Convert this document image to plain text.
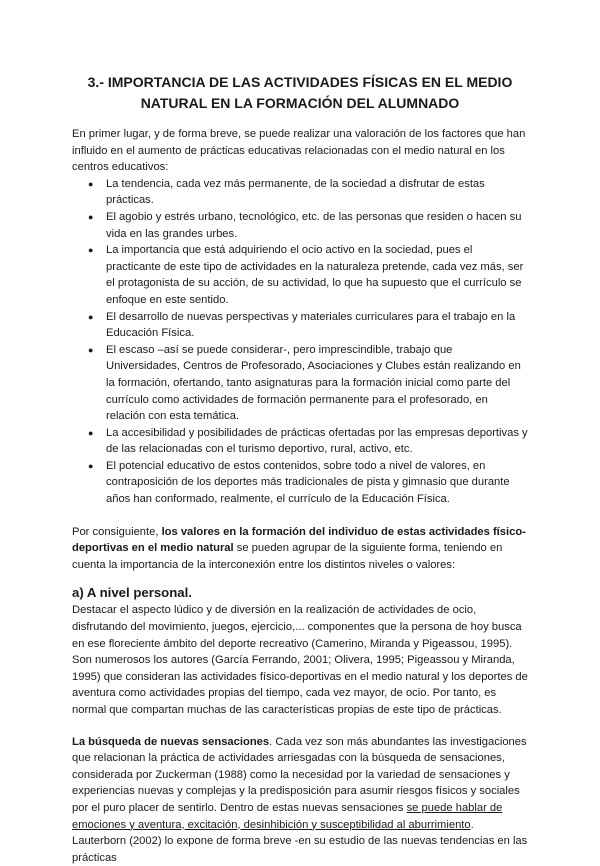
3.- IMPORTANCIA DE LAS ACTIVIDADES FÍSICAS EN EL MEDIO NATURAL EN LA FORMACIÓN DEL ALUMNADO

En primer lugar, y de forma breve, se puede realizar una valoración de los factores que han influido en el aumento de prácticas educativas relacionadas con el medio natural en los centros educativos:

● La tendencia, cada vez más permanente, de la sociedad a disfrutar de estas prácticas.
● El agobio y estrés urbano, tecnológico, etc. de las personas que residen o hacen su vida en las grandes urbes.
● La importancia que está adquiriendo el ocio activo en la sociedad, pues el practicante de este tipo de actividades en la naturaleza pretende, cada vez más, ser el protagonista de su acción, de su actividad, lo que ha supuesto que el currículo se enfoque en este sentido.
● El desarrollo de nuevas perspectivas y materiales curriculares para el trabajo en la Educación Física.
● El escaso –así se puede considerar-, pero imprescindible, trabajo que Universidades, Centros de Profesorado, Asociaciones y Clubes están realizando en la formación, ofertando, tanto asignaturas para la formación inicial como parte del currículo como actividades de formación permanente para el profesorado, en relación con esta temática.
● La accesibilidad y posibilidades de prácticas ofertadas por las empresas deportivas y de las relacionadas con el turismo deportivo, rural, activo, etc.
● El potencial educativo de estos contenidos, sobre todo a nivel de valores, en contraposición de los deportes más tradicionales de pista y gimnasio que durante años han conformado, realmente, el currículo de la Educación Física.

Por consiguiente, los valores en la formación del individuo de estas actividades físico-deportivas en el medio natural se pueden agrupar de la siguiente forma, teniendo en cuenta la importancia de la interconexión entre los distintos niveles o valores:

a) A nivel personal.

Destacar el aspecto lúdico y de diversión en la realización de actividades de ocio, disfrutando del movimiento, juegos, ejercicio,... componentes que la persona de hoy busca en ese floreciente ámbito del deporte recreativo (Camerino, Miranda y Pigeassou, 1995). Son numerosos los autores (García Ferrando, 2001; Olivera, 1995; Pigeassou y Miranda, 1995) que consideran las actividades físico-deportivas en el medio natural y los deportes de aventura como actividades propias del tiempo, cada vez mayor, de ocio. Por tanto, es normal que compartan muchas de las características propias de este tipo de prácticas.

La búsqueda de nuevas sensaciones. Cada vez son más abundantes las investigaciones que relacionan la práctica de actividades arriesgadas con la búsqueda de sensaciones, considerada por Zuckerman (1988) como la necesidad por la variedad de sensaciones y experiencias nuevas y complejas y la predisposición para asumir riesgos físicos y sociales por el puro placer de sentirlo. Dentro de estas nuevas sensaciones se puede hablar de emociones y aventura, excitación, desinhibición y susceptibilidad al aburrimiento. Lauterborn (2002) lo expone de forma breve -en su estudio de las nuevas tendencias en las prácticas
